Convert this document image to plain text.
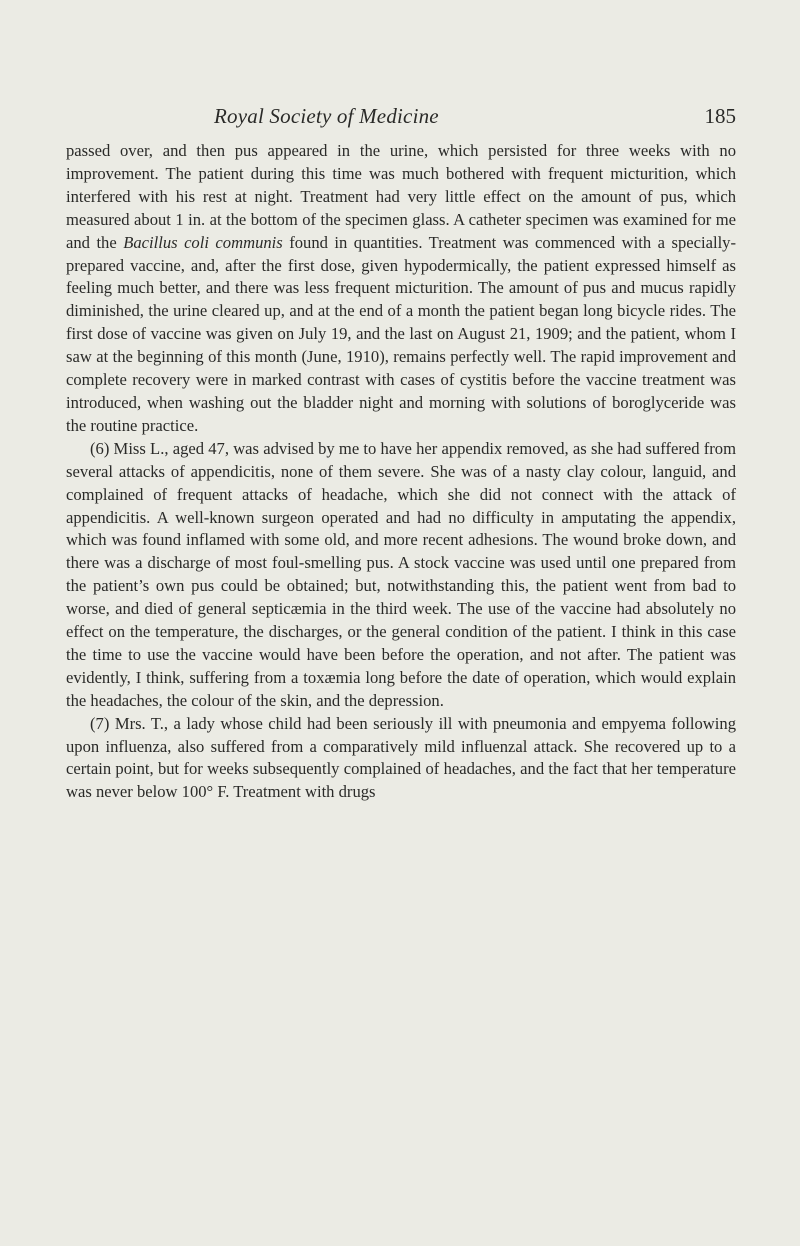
Royal Society of Medicine	185

passed over, and then pus appeared in the urine, which persisted for three weeks with no improvement. The patient during this time was much bothered with frequent micturition, which interfered with his rest at night. Treatment had very little effect on the amount of pus, which measured about 1 in. at the bottom of the specimen glass. A catheter specimen was examined for me and the Bacillus coli communis found in quantities. Treatment was commenced with a specially-prepared vaccine, and, after the first dose, given hypodermically, the patient expressed himself as feeling much better, and there was less frequent micturition. The amount of pus and mucus rapidly diminished, the urine cleared up, and at the end of a month the patient began long bicycle rides. The first dose of vaccine was given on July 19, and the last on August 21, 1909; and the patient, whom I saw at the beginning of this month (June, 1910), remains perfectly well. The rapid improvement and complete recovery were in marked contrast with cases of cystitis before the vaccine treatment was introduced, when washing out the bladder night and morning with solutions of boroglyceride was the routine practice.

(6) Miss L., aged 47, was advised by me to have her appendix removed, as she had suffered from several attacks of appendicitis, none of them severe. She was of a nasty clay colour, languid, and complained of frequent attacks of headache, which she did not connect with the attack of appendicitis. A well-known surgeon operated and had no difficulty in amputating the appendix, which was found inflamed with some old, and more recent adhesions. The wound broke down, and there was a discharge of most foul-smelling pus. A stock vaccine was used until one prepared from the patient’s own pus could be obtained; but, notwithstanding this, the patient went from bad to worse, and died of general septicæmia in the third week. The use of the vaccine had absolutely no effect on the temperature, the discharges, or the general condition of the patient. I think in this case the time to use the vaccine would have been before the operation, and not after. The patient was evidently, I think, suffering from a toxæmia long before the date of operation, which would explain the headaches, the colour of the skin, and the depression.

(7) Mrs. T., a lady whose child had been seriously ill with pneumonia and empyema following upon influenza, also suffered from a comparatively mild influenzal attack. She recovered up to a certain point, but for weeks subsequently complained of headaches, and the fact that her temperature was never below 100° F. Treatment with drugs
